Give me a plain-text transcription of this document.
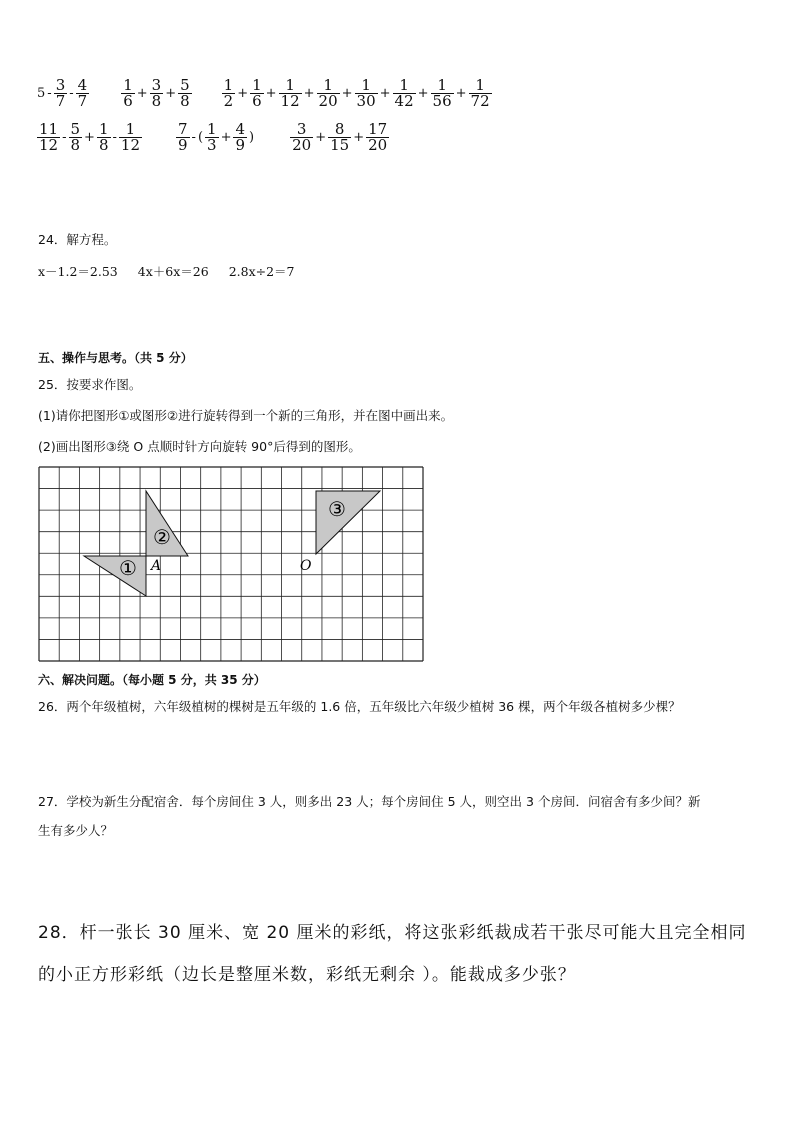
$5 - \frac{3}{7} - \frac{4}{7} \frac{1}{6} + \frac{3}{8} + \frac{5}{8} \frac{1}{2} + \frac{1}{6} + \frac{1}{12} + \frac{1}{20} + \frac{1}{30} + \frac{1}{42} + \frac{1}{56} + \frac{1}{72}$
$\frac{11}{12} - \frac{5}{8} + \frac{1}{8} - \frac{1}{12} \frac{7}{9}$ - ( $\frac{1}{3} + \frac{4}{9}$ ) $\frac{3}{20} + \frac{8}{15} + \frac{17}{20}$
24．解方程。
x－1.2＝2.53 4x＋6x＝26 2.8x÷2＝7
五、操作与思考。（共 5 分）
25．按要求作图。
(1)请你把图形①或图形②进行旋转得到一个新的三角形，并在图中画出来。
(2)画出图形③绕 O 点顺时针方向旋转 90°后得到的图形。
①
②
③
A	O
六、解决问题。（每小题 5 分，共 35 分）
26．两个年级植树，六年级植树的棵树是五年级的 1.6 倍，五年级比六年级少植树 36 棵，两个年级各植树多少棵？
27．学校为新生分配宿舍．每个房间住 3 人，则多出 23 人；每个房间住 5 人，则空出 3 个房间．问宿舍有多少间？新
生有多少人？
28．杆一张长 30 厘米、宽 20 厘米的彩纸，将这张彩纸裁成若干张尽可能大且完全相同
的小正方形彩纸（边长是整厘米数，彩纸无剩余 ）。能裁成多少张？
